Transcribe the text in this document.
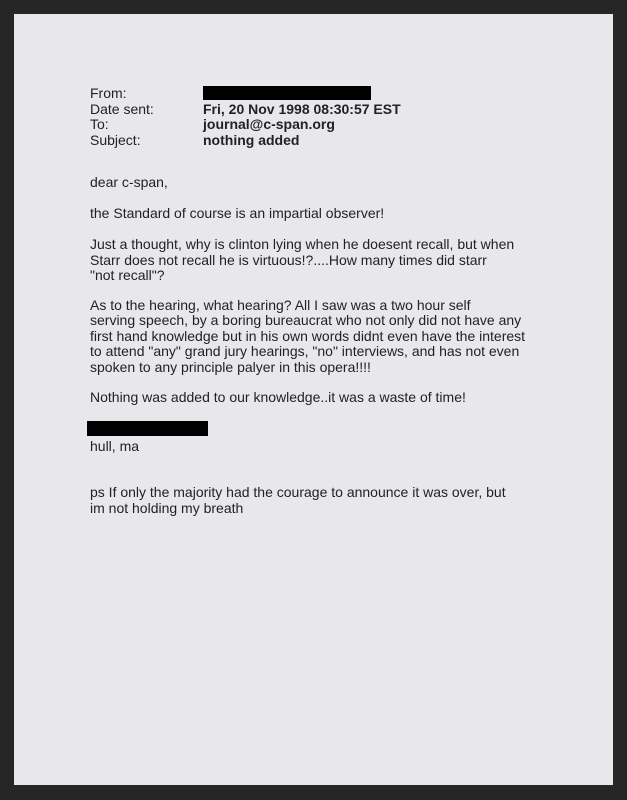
From:
Date sent:	Fri, 20 Nov 1998 08:30:57 EST
To:	journal@c-span.org
Subject:	nothing added

dear c-span,

the Standard of course is an impartial observer!

Just a thought, why is clinton lying when he doesent recall, but when
Starr does not recall he is virtuous!?....How many times did starr
"not recall"?

As to the hearing, what hearing? All I saw was a two hour self
serving speech, by a boring bureaucrat who not only did not have any
first hand knowledge but in his own words didnt even have the interest
to attend "any" grand jury hearings, "no" interviews, and has not even
spoken to any principle palyer in this opera!!!!

Nothing was added to our knowledge..it was a waste of time!

hull, ma

ps If only the majority had the courage to announce it was over, but
im not holding my breath
